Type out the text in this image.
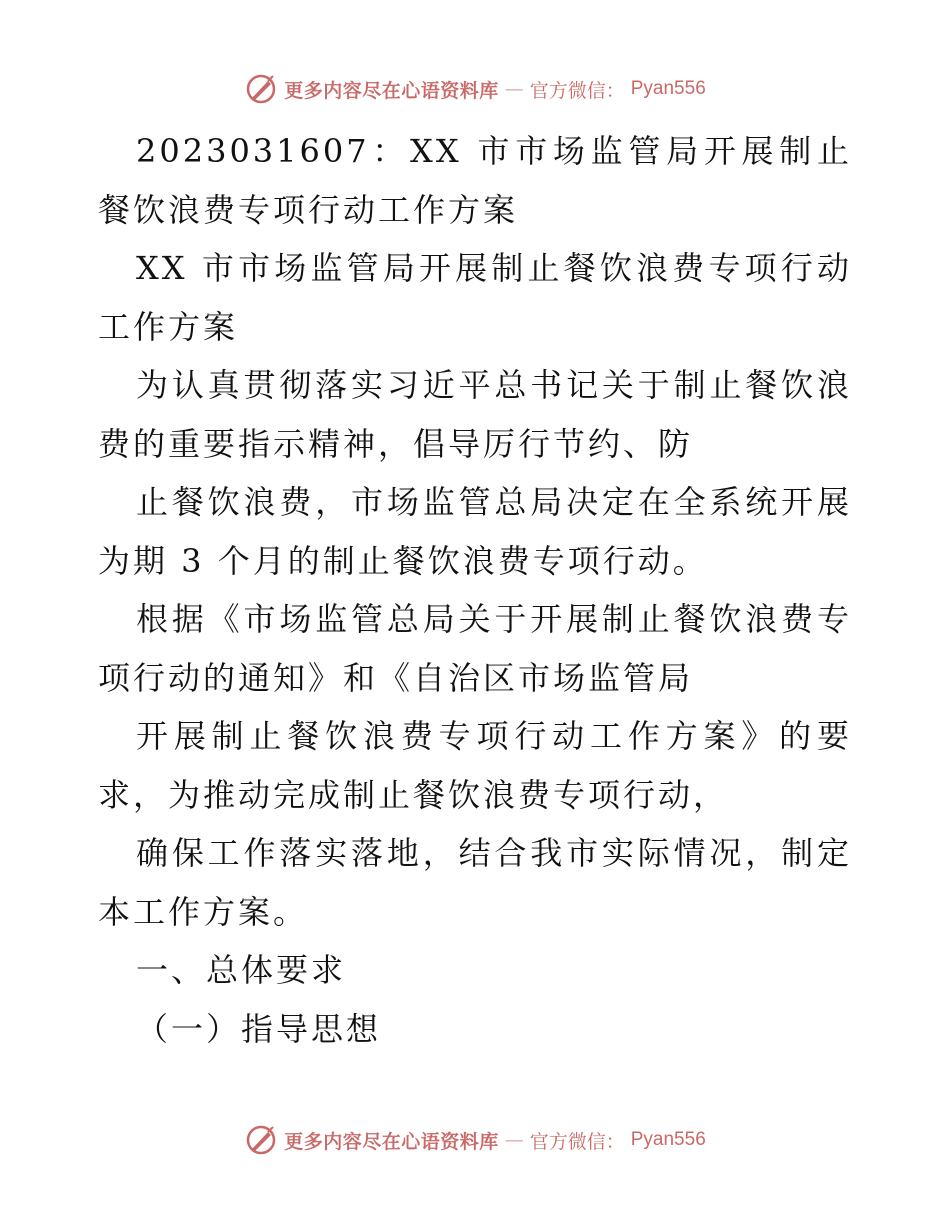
更多内容尽在心语资料库 — 官方微信： Pyan556

2023031607：XX 市市场监管局开展制止餐饮浪费专项行动工作方案

XX 市市场监管局开展制止餐饮浪费专项行动工作方案

为认真贯彻落实习近平总书记关于制止餐饮浪费的重要指示精神，倡导厉行节约、防

止餐饮浪费，市场监管总局决定在全系统开展为期 3 个月的制止餐饮浪费专项行动。

根据《市场监管总局关于开展制止餐饮浪费专项行动的通知》和《自治区市场监管局

开展制止餐饮浪费专项行动工作方案》的要求，为推动完成制止餐饮浪费专项行动，

确保工作落实落地，结合我市实际情况，制定本工作方案。

一、总体要求

（一）指导思想

更多内容尽在心语资料库 — 官方微信： Pyan556
